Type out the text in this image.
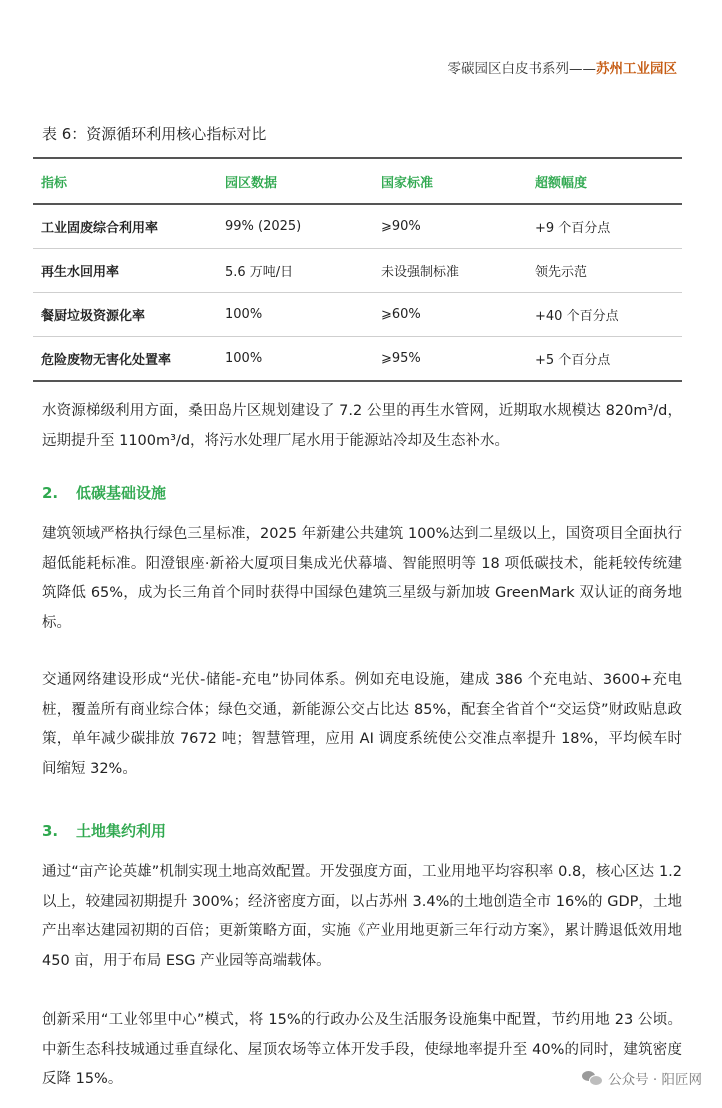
零碳园区白皮书系列——苏州工业园区
表 6：资源循环利用核心指标对比
指标	园区数据	国家标准	超额幅度
工业固废综合利用率	99% (2025)	⩾90%	+9 个百分点
再生水回用率	5.6 万吨/日	未设强制标准	领先示范
餐厨垃圾资源化率	100%	⩾60%	+40 个百分点
危险废物无害化处置率	100%	⩾95%	+5 个百分点

水资源梯级利用方面，桑田岛片区规划建设了 7.2 公里的再生水管网，近期取水规模达 820m³/d，远期提升至 1100m³/d，将污水处理厂尾水用于能源站冷却及生态补水。

2. 低碳基础设施

建筑领域严格执行绿色三星标准，2025 年新建公共建筑 100%达到二星级以上，国资项目全面执行超低能耗标准。阳澄银座·新裕大厦项目集成光伏幕墙、智能照明等 18 项低碳技术，能耗较传统建筑降低 65%，成为长三角首个同时获得中国绿色建筑三星级与新加坡 GreenMark 双认证的商务地标。

交通网络建设形成“光伏-储能-充电”协同体系。例如充电设施，建成 386 个充电站、3600+充电桩，覆盖所有商业综合体；绿色交通，新能源公交占比达 85%，配套全省首个“交运贷”财政贴息政策，单年减少碳排放 7672 吨；智慧管理，应用 AI 调度系统使公交准点率提升 18%，平均候车时间缩短 32%。

3. 土地集约利用

通过“亩产论英雄”机制实现土地高效配置。开发强度方面，工业用地平均容积率 0.8，核心区达 1.2 以上，较建园初期提升 300%；经济密度方面，以占苏州 3.4%的土地创造全市 16%的 GDP，土地产出率达建园初期的百倍；更新策略方面，实施《产业用地更新三年行动方案》，累计腾退低效用地 450 亩，用于布局 ESG 产业园等高端载体。

创新采用“工业邻里中心”模式，将 15%的行政办公及生活服务设施集中配置，节约用地 23 公顷。中新生态科技城通过垂直绿化、屋顶农场等立体开发手段，使绿地率提升至 40%的同时，建筑密度反降 15%。	公众号 · 阳匠网
